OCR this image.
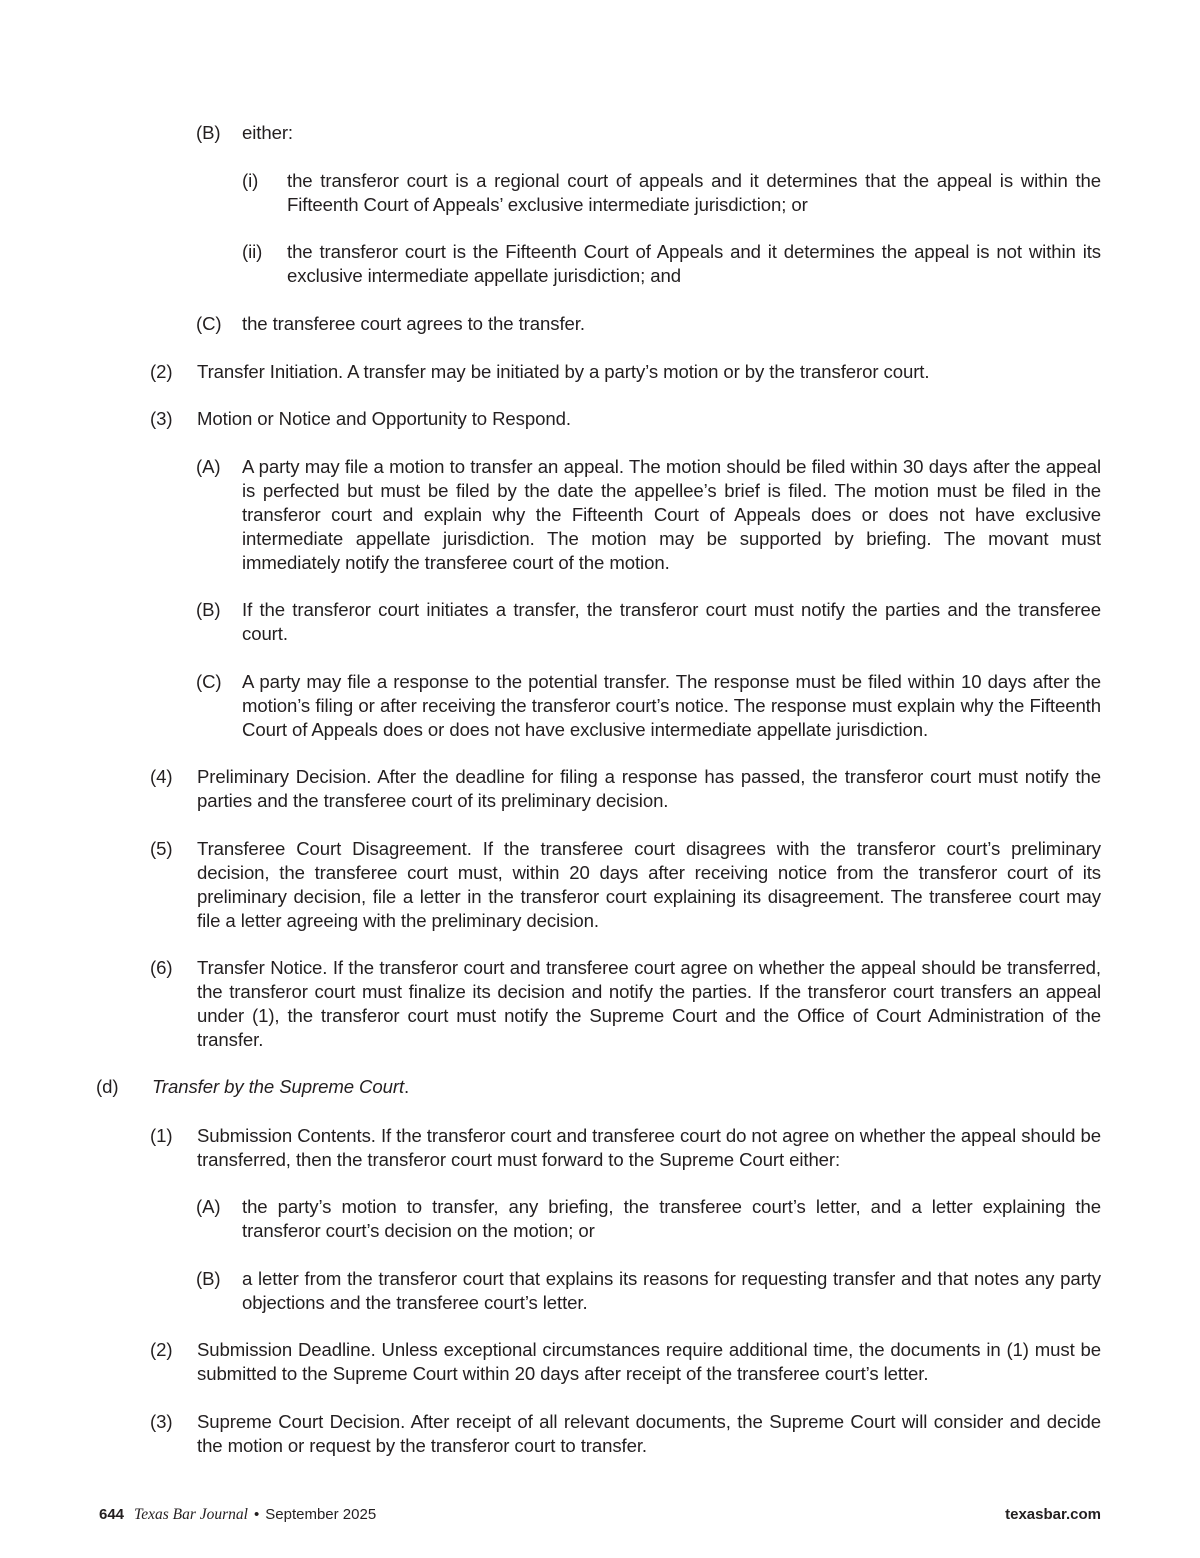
(B) either:
(i) the transferor court is a regional court of appeals and it determines that the appeal is within the Fifteenth Court of Appeals’ exclusive intermediate jurisdiction; or
(ii) the transferor court is the Fifteenth Court of Appeals and it determines the appeal is not within its exclusive intermediate appellate jurisdiction; and
(C) the transferee court agrees to the transfer.
(2) Transfer Initiation. A transfer may be initiated by a party’s motion or by the transferor court.
(3) Motion or Notice and Opportunity to Respond.
(A) A party may file a motion to transfer an appeal. The motion should be filed within 30 days after the appeal is perfected but must be filed by the date the appellee’s brief is filed. The motion must be filed in the transferor court and explain why the Fifteenth Court of Appeals does or does not have exclusive intermediate appellate jurisdiction. The motion may be supported by briefing. The movant must immediately notify the transferee court of the motion.
(B) If the transferor court initiates a transfer, the transferor court must notify the parties and the transferee court.
(C) A party may file a response to the potential transfer. The response must be filed within 10 days after the motion’s filing or after receiving the transferor court’s notice. The response must explain why the Fifteenth Court of Appeals does or does not have exclusive intermediate appellate jurisdiction.
(4) Preliminary Decision. After the deadline for filing a response has passed, the transferor court must notify the parties and the transferee court of its preliminary decision.
(5) Transferee Court Disagreement. If the transferee court disagrees with the transferor court’s preliminary decision, the transferee court must, within 20 days after receiving notice from the transferor court of its preliminary decision, file a letter in the transferor court explaining its disagreement. The transferee court may file a letter agreeing with the preliminary decision.
(6) Transfer Notice. If the transferor court and transferee court agree on whether the appeal should be transferred, the transferor court must finalize its decision and notify the parties. If the transferor court transfers an appeal under (1), the transferor court must notify the Supreme Court and the Office of Court Administration of the transfer.
(d) Transfer by the Supreme Court.
(1) Submission Contents. If the transferor court and transferee court do not agree on whether the appeal should be transferred, then the transferor court must forward to the Supreme Court either:
(A) the party’s motion to transfer, any briefing, the transferee court’s letter, and a letter explaining the transferor court’s decision on the motion; or
(B) a letter from the transferor court that explains its reasons for requesting transfer and that notes any party objections and the transferee court’s letter.
(2) Submission Deadline. Unless exceptional circumstances require additional time, the documents in (1) must be submitted to the Supreme Court within 20 days after receipt of the transferee court’s letter.
(3) Supreme Court Decision. After receipt of all relevant documents, the Supreme Court will consider and decide the motion or request by the transferor court to transfer.
644 Texas Bar Journal • September 2025	texasbar.com
